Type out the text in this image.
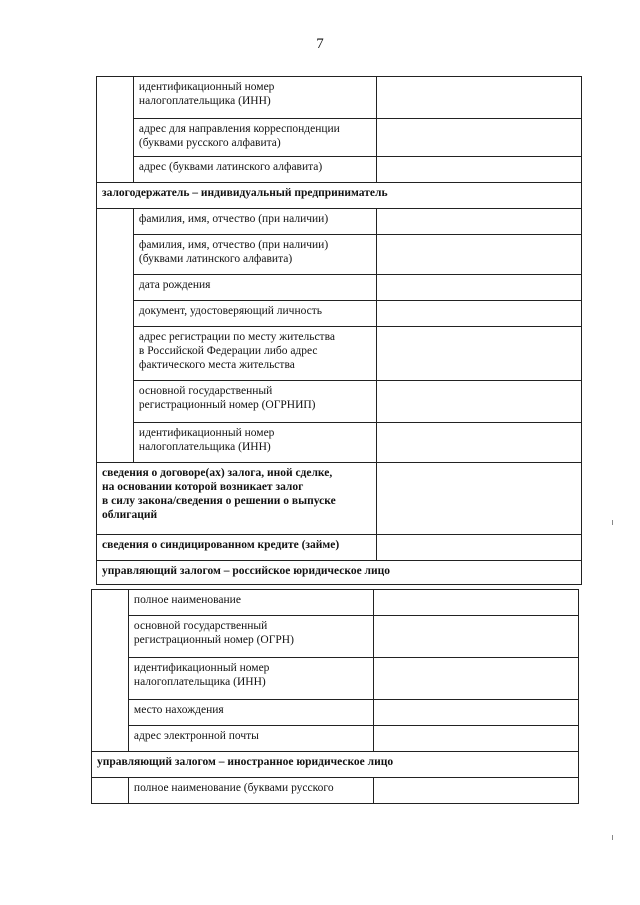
7
	идентификационный номер
налогоплательщика (ИНН)	
	адрес для направления корреспонденции
(буквами русского алфавита)	
	адрес (буквами латинского алфавита)	
залогодержатель – индивидуальный предприниматель		
	фамилия, имя, отчество (при наличии)	
	фамилия, имя, отчество (при наличии)
(буквами латинского алфавита)	
	дата рождения	
	документ, удостоверяющий личность	
	адрес регистрации по месту жительства
в Российской Федерации либо адрес
фактического места жительства	
	основной государственный
регистрационный номер (ОГРНИП)	
	идентификационный номер
налогоплательщика (ИНН)	
сведения о договоре(ах) залога, иной сделке,
на основании которой возникает залог
в силу закона/сведения о решении о выпуске
облигаций		
сведения о синдицированном кредите (займе)		
управляющий залогом – российское юридическое лицо		
	полное наименование	
	основной государственный
регистрационный номер (ОГРН)	
	идентификационный номер
налогоплательщика (ИНН)	
	место нахождения	
	адрес электронной почты	
управляющий залогом – иностранное юридическое лицо		
	полное наименование (буквами русского	
